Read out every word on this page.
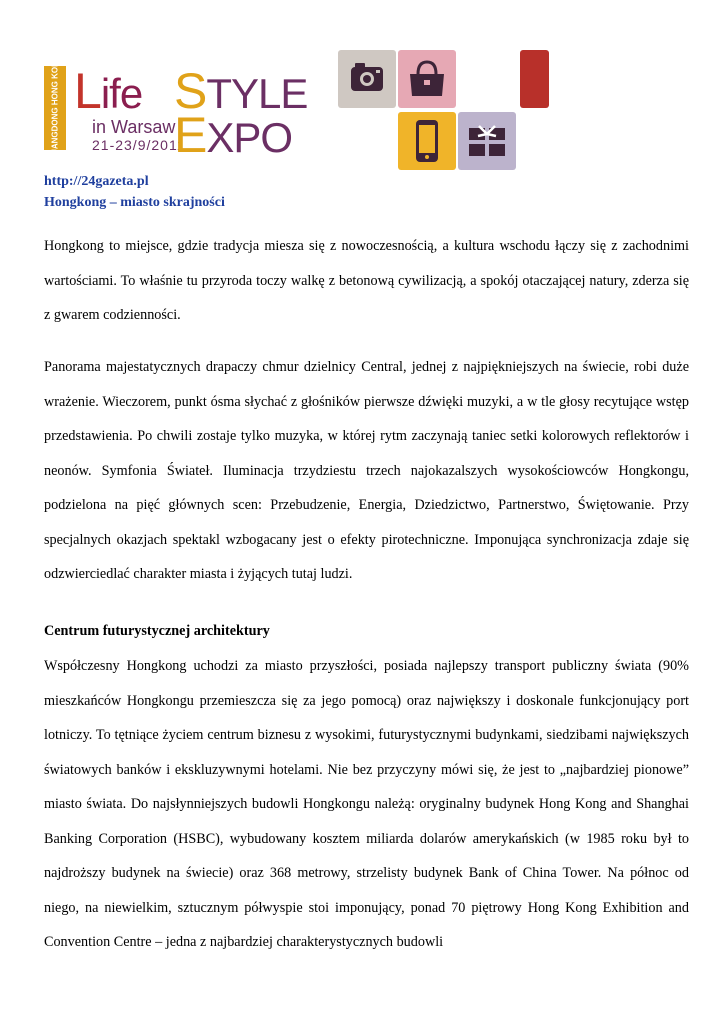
GUANGDONG HONG KONG Life STYLE
in Warsaw
21-23/9/2011
EXPO
http://24gazeta.pl
Hongkong – miasto skrajności

Hongkong to miejsce, gdzie tradycja miesza się z nowoczesnością, a kultura wschodu łączy się z zachodnimi wartościami. To właśnie tu przyroda toczy walkę z betonową cywilizacją, a spokój otaczającej natury, zderza się z gwarem codzienności.

Panorama majestatycznych drapaczy chmur dzielnicy Central, jednej z najpiękniejszych na świecie, robi duże wrażenie. Wieczorem, punkt ósma słychać z głośników pierwsze dźwięki muzyki, a w tle głosy recytujące wstęp przedstawienia. Po chwili zostaje tylko muzyka, w której rytm zaczynają taniec setki kolorowych reflektorów i neonów. Symfonia Świateł. Iluminacja trzydziestu trzech najokazalszych wysokościowców Hongkongu, podzielona na pięć głównych scen: Przebudzenie, Energia, Dziedzictwo, Partnerstwo, Świętowanie. Przy specjalnych okazjach spektakl wzbogacany jest o efekty pirotechniczne. Imponująca synchronizacja zdaje się odzwierciedlać charakter miasta i żyjących tutaj ludzi.

Centrum futurystycznej architektury

Współczesny Hongkong uchodzi za miasto przyszłości, posiada najlepszy transport publiczny świata (90% mieszkańców Hongkongu przemieszcza się za jego pomocą) oraz największy i doskonale funkcjonujący port lotniczy. To tętniące życiem centrum biznesu z wysokimi, futurystycznymi budynkami, siedzibami największych światowych banków i ekskluzywnymi hotelami. Nie bez przyczyny mówi się, że jest to „najbardziej pionowe” miasto świata. Do najsłynniejszych budowli Hongkongu należą: oryginalny budynek Hong Kong and Shanghai Banking Corporation (HSBC), wybudowany kosztem miliarda dolarów amerykańskich (w 1985 roku był to najdroższy budynek na świecie) oraz 368 metrowy, strzelisty budynek Bank of China Tower. Na północ od niego, na niewielkim, sztucznym półwyspie stoi imponujący, ponad 70 piętrowy Hong Kong Exhibition and Convention Centre – jedna z najbardziej charakterystycznych budowli
